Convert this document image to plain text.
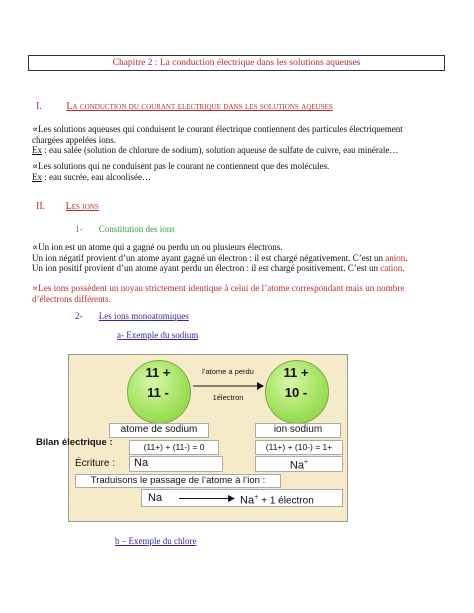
Chapitre 2 : La conduction électrique dans les solutions aqueuses
I. La conduction du courant electrique dans les solutions aqeuses
∝Les solutions aqueuses qui conduisent le courant électrique contiennent des particules électriquement
chargées appelées ions.
Ex : eau salée (solution de chlorure de sodium), solution aqueuse de sulfate de cuivre, eau minérale…
∝Les solutions qui ne conduisent pas le courant ne contiennent que des molécules.
Ex : eau sucrée, eau alcoolisée…
II. Les ions
1- Constitution des ions
∝Un ion est un atome qui a gagné ou perdu un ou plusieurs électrons.
Un ion négatif provient d’un atome ayant gagné un électron : il est chargé négativement. C’est un anion.
Un ion positif provient d’un atome ayant perdu un électron : il est chargé positivement. C’est un cation.
∝Les ions possèdent un noyau strictement identique à celui de l’atome correspondant mais un nombre
d’électrons différents.
2- Les ions monoatomiques
a- Exemple du sodium
11 +
11 -
l’atome a perdu
1électron
11 +
10 -
atome de sodium	ion sodium
(11+) + (11-) = 0	(11+) + (10-) = 1+
Écriture :	Na	Na+
Traduisons le passage de l’atome à l’ion :
Na	Na+ + 1 électron
Bilan électrique :
b – Exemple du chlore
